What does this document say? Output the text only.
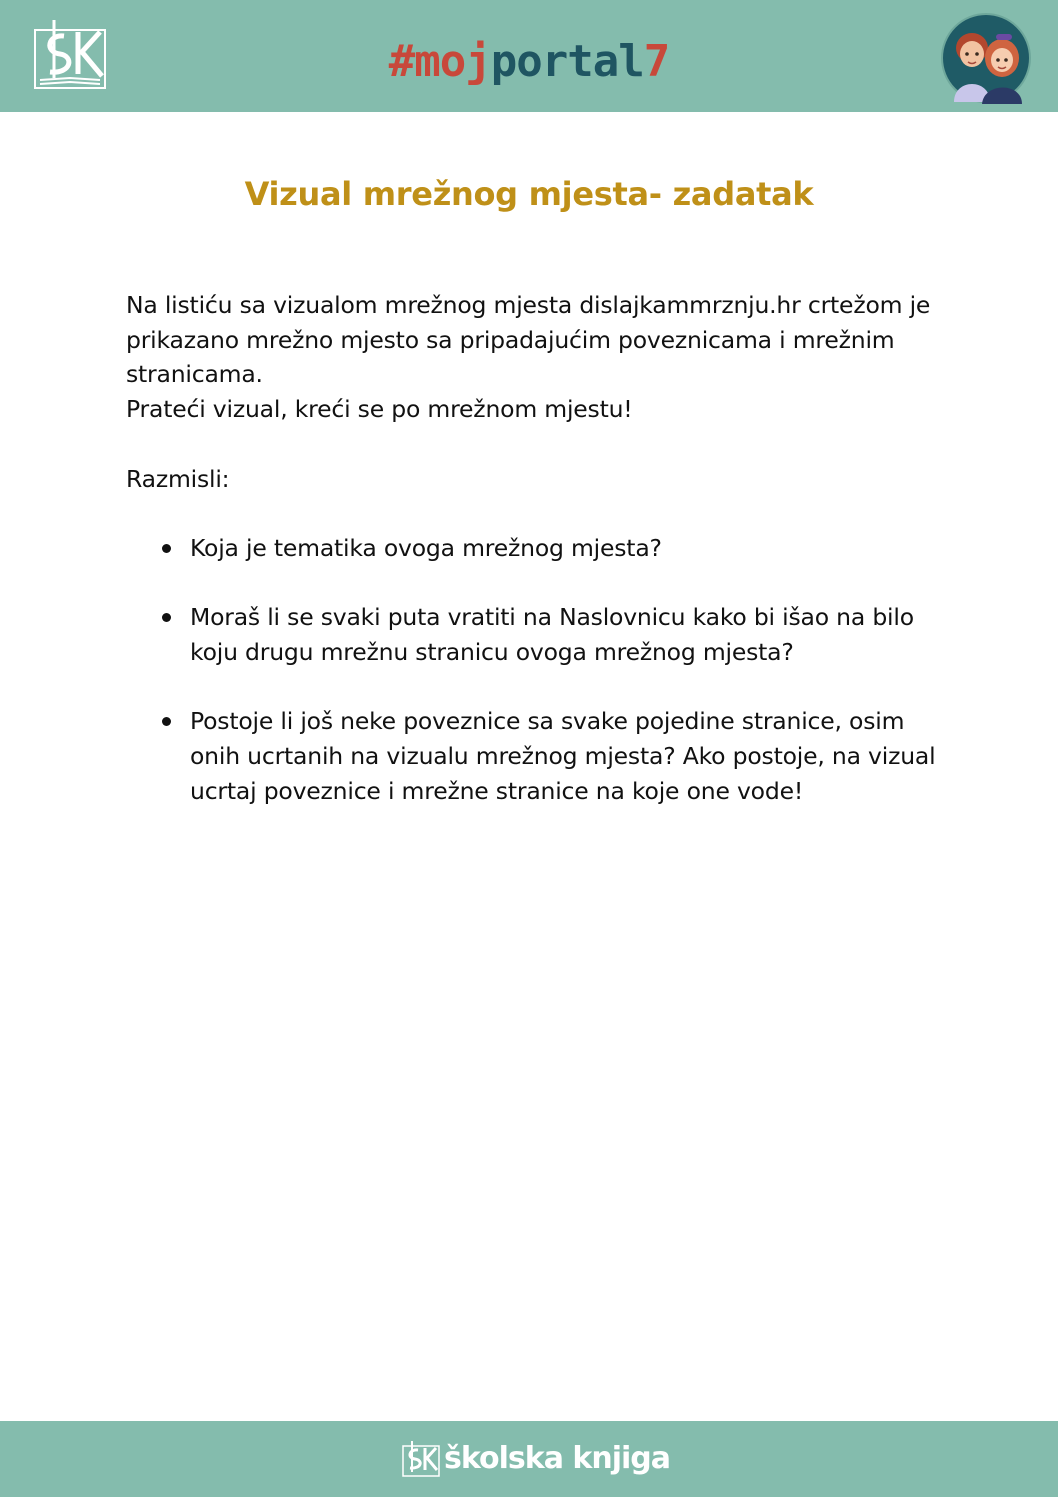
#mojportal7
Vizual mrežnog mjesta- zadatak

Na listiću sa vizualom mrežnog mjesta dislajkammrznju.hr crtežom je

prikazano mrežno mjesto sa pripadajućim poveznicama i mrežnim

stranicama.

Prateći vizual, kreći se po mrežnom mjestu!

Razmisli:

Koja je tematika ovoga mrežnog mjesta?
Moraš li se svaki puta vratiti na Naslovnicu kako bi išao na bilo
koju drugu mrežnu stranicu ovoga mrežnog mjesta?
Postoje li još neke poveznice sa svake pojedine stranice, osim
onih ucrtanih na vizualu mrežnog mjesta? Ako postoje, na vizual
ucrtaj poveznice i mrežne stranice na koje one vode!
školska knjiga
